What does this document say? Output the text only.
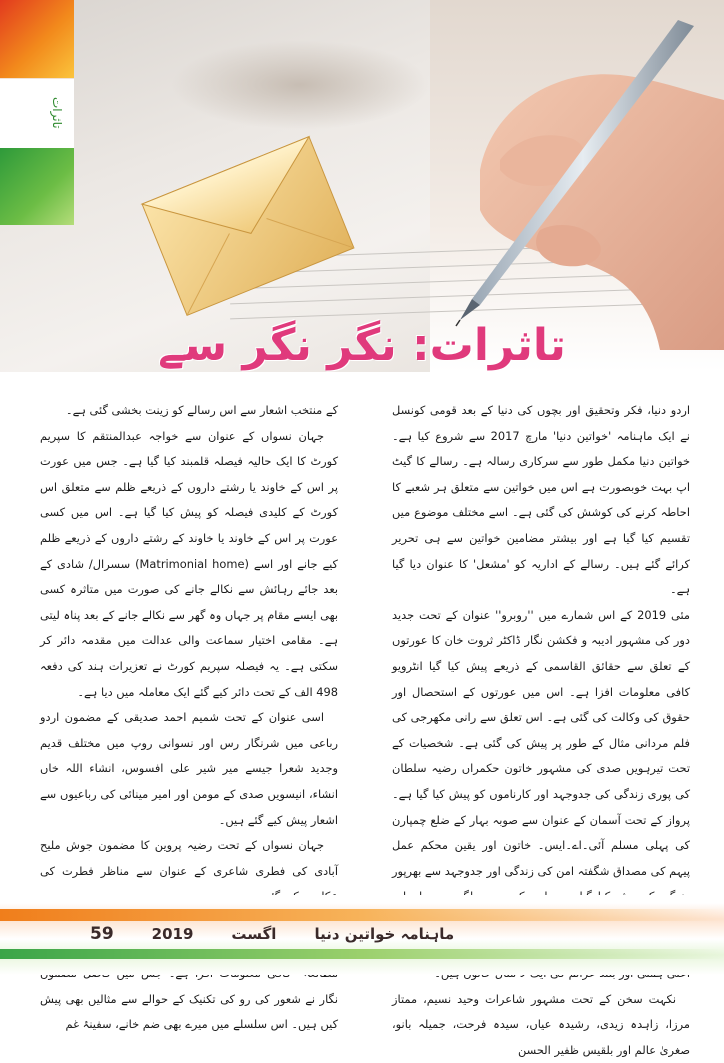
تاثرات
تاثرات: نگر نگر سے

اردو دنیا، فکر وتحقیق اور بچوں کی دنیا کے بعد قومی کونسل نے ایک ماہنامہ 'خواتین دنیا' مارچ 2017 سے شروع کیا ہے۔ خواتین دنیا مکمل طور سے سرکاری رسالہ ہے۔ رسالے کا گیٹ اپ بہت خوبصورت ہے اس میں خواتین سے متعلق ہر شعبے کا احاطہ کرنے کی کوشش کی گئی ہے۔ اسے مختلف موضوع میں تقسیم کیا گیا ہے اور بیشتر مضامین خواتین سے ہی تحریر کرائے گئے ہیں۔ رسالے کے اداریہ کو 'مشعل' کا عنوان دیا گیا ہے۔

مئی 2019 کے اس شمارے میں ''روبرو'' عنوان کے تحت جدید دور کی مشہور ادیبہ و فکشن نگار ڈاکٹر ثروت خان کا عورتوں کے تعلق سے حقائق القاسمی کے ذریعے پیش کیا گیا انٹرویو کافی معلومات افزا ہے۔ اس میں عورتوں کے استحصال اور حقوق کی وکالت کی گئی ہے۔ اس تعلق سے رانی مکھرجی کی فلم مردانی مثال کے طور پر پیش کی گئی ہے۔ شخصیات کے تحت تیرہویں صدی کی مشہور خاتون حکمراں رضیہ سلطان کی پوری زندگی کی جدوجہد اور کارناموں کو پیش کیا گیا ہے۔ پرواز کے تحت آسمان کے عنوان سے صوبہ بہار کے ضلع چمپارن کی پہلی مسلم آئی۔اے۔ایس۔ خاتون اور یقین محکم عمل پیہم کی مصداق شگفتہ امن کی زندگی اور جدوجہد سے بھرپور

نکہت سخن کے تحت مشہور شاعرات وحید نسیم، ممتاز مرزا، زاہدہ زیدی، رشیدہ عیاں، سیدہ فرحت، جمیلہ بانو، صغریٰ عالم اور بلقیس ظفیر الحسن

کے منتخب اشعار سے اس رسالے کو زینت بخشی گئی ہے۔

جہان نسواں کے عنوان سے خواجہ عبدالمنتقم کا سپریم کورٹ کا ایک حالیہ فیصلہ قلمبند کیا گیا ہے۔ جس میں عورت پر اس کے خاوند یا رشتے داروں کے ذریعے ظلم سے متعلق اس کورٹ کے کلیدی فیصلہ کو پیش کیا گیا ہے۔ اس میں کسی عورت پر اس کے خاوند یا خاوند کے رشتے داروں کے ذریعے ظلم کیے جانے اور اسے (Matrimonial home) سسرال/ شادی کے بعد جائے رہائش سے نکالے جانے کی صورت میں متاثرہ کسی بھی ایسے مقام پر جہاں وہ گھر سے نکالے جانے کے بعد پناہ لیتی ہے۔ مقامی اختیار سماعت والی عدالت میں مقدمہ دائر کر سکتی ہے۔ یہ فیصلہ سپریم کورٹ نے تعزیرات ہند کی دفعہ 498 الف کے تحت دائر کیے گئے ایک معاملہ میں دیا ہے۔

اسی عنوان کے تحت شمیم احمد صدیقی کے مضمون اردو رباعی میں شرنگار رس اور نسوانی روپ میں مختلف قدیم وجدید شعرا جیسے میر شیر علی افسوس، انشاء اللہ خاں انشاء، انیسویں صدی کے مومن اور امیر مینائی کی رباعیوں سے اشعار پیش کیے گئے ہیں۔

جہان نسواں کے تحت رضیہ پروین کا مضمون جوش ملیح آبادی کی فطری شاعری کے عنوان سے مناظر فطرت کی

نگار نے شعور کی رو کی تکنیک کے حوالے سے مثالیں بھی پیش کیں ہیں۔ اس سلسلے میں میرے بھی ضم خانے، سفینۂ غم

59	2019	اگست	ماہنامہ خواتین دنیا
